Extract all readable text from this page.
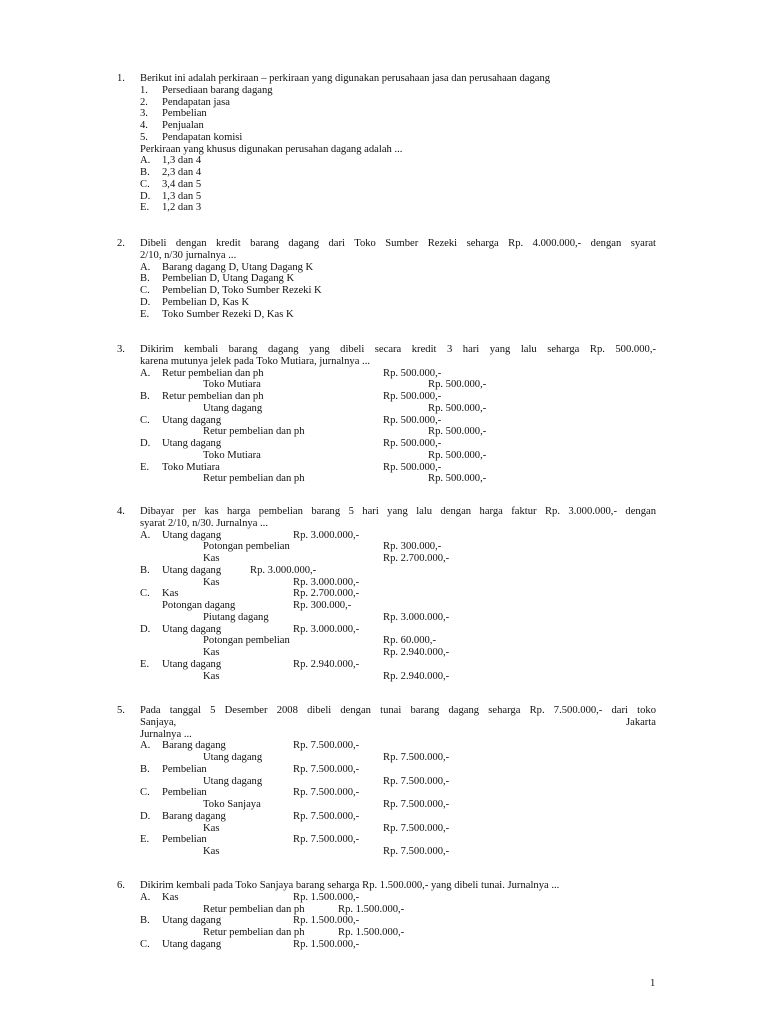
1. Berikut ini adalah perkiraan – perkiraan yang digunakan perusahaan jasa dan perusahaan dagang
1. Persediaan barang dagang
2. Pendapatan jasa
3. Pembelian
4. Penjualan
5. Pendapatan komisi
Perkiraan yang khusus digunakan perusahan dagang adalah ...
A. 1,3 dan 4
B. 2,3 dan 4
C. 3,4 dan 5
D. 1,3 dan 5
E. 1,2 dan 3
2. Dibeli dengan kredit barang dagang dari Toko Sumber Rezeki seharga Rp. 4.000.000,- dengan syarat
2/10, n/30 jurnalnya ...
A. Barang dagang D, Utang Dagang K
B. Pembelian D, Utang Dagang K
C. Pembelian D, Toko Sumber Rezeki K
D. Pembelian D, Kas K
E. Toko Sumber Rezeki D, Kas K
3. Dikirim kembali barang dagang yang dibeli secara kredit 3 hari yang lalu seharga Rp. 500.000,-
karena mutunya jelek pada Toko Mutiara, jurnalnya ...
A. Retur pembelian dan ph	Rp. 500.000,-
Toko Mutiara	Rp. 500.000,-
B. Retur pembelian dan ph	Rp. 500.000,-
Utang dagang	Rp. 500.000,-
C. Utang dagang	Rp. 500.000,-
Retur pembelian dan ph	Rp. 500.000,-
D. Utang dagang	Rp. 500.000,-
Toko Mutiara	Rp. 500.000,-
E. Toko Mutiara	Rp. 500.000,-
Retur pembelian dan ph	Rp. 500.000,-
4. Dibayar per kas harga pembelian barang 5 hari yang lalu dengan harga faktur Rp. 3.000.000,- dengan
syarat 2/10, n/30. Jurnalnya ...
A. Utang dagang	Rp. 3.000.000,-
Potongan pembelian	Rp. 300.000,-
Kas	Rp. 2.700.000,-
B. Utang dagang	Rp. 3.000.000,-
Kas	Rp. 3.000.000,-
C. Kas	Rp. 2.700.000,-
Potongan dagang	Rp. 300.000,-
Piutang dagang	Rp. 3.000.000,-
D. Utang dagang	Rp. 3.000.000,-
Potongan pembelian	Rp. 60.000,-
Kas	Rp. 2.940.000,-
E. Utang dagang	Rp. 2.940.000,-
Kas	Rp. 2.940.000,-
5. Pada tanggal 5 Desember 2008 dibeli dengan tunai barang dagang seharga Rp. 7.500.000,- dari toko
Sanjaya, Jakarta
Jurnalnya ...
A. Barang dagang	Rp. 7.500.000,-
Utang dagang	Rp. 7.500.000,-
B. Pembelian	Rp. 7.500.000,-
Utang dagang	Rp. 7.500.000,-
C. Pembelian	Rp. 7.500.000,-
Toko Sanjaya	Rp. 7.500.000,-
D. Barang dagang	Rp. 7.500.000,-
Kas	Rp. 7.500.000,-
E. Pembelian	Rp. 7.500.000,-
Kas	Rp. 7.500.000,-
6. Dikirim kembali pada Toko Sanjaya barang seharga Rp. 1.500.000,- yang dibeli tunai. Jurnalnya ...
A. Kas	Rp. 1.500.000,-
Retur pembelian dan ph	Rp. 1.500.000,-
B. Utang dagang	Rp. 1.500.000,-
Retur pembelian dan ph	Rp. 1.500.000,-
C. Utang dagang	Rp. 1.500.000,-
1
